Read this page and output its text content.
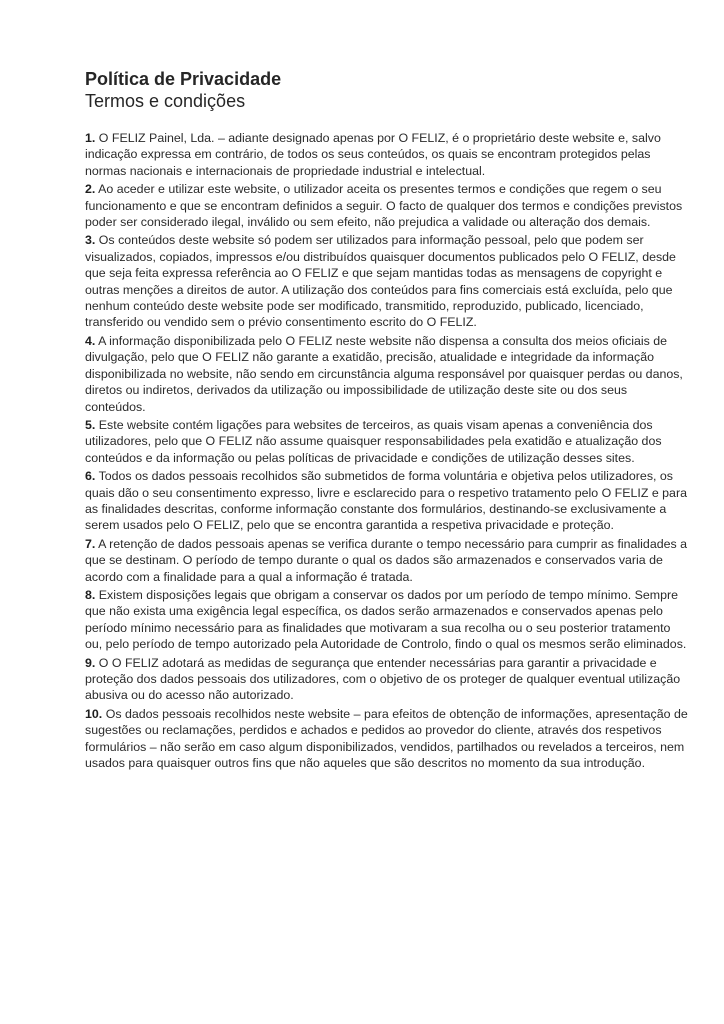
Política de Privacidade
Termos e condições

1. O FELIZ Painel, Lda. – adiante designado apenas por O FELIZ, é o proprietário deste website e, salvo indicação expressa em contrário, de todos os seus conteúdos, os quais se encontram protegidos pelas normas nacionais e internacionais de propriedade industrial e intelectual.

2. Ao aceder e utilizar este website, o utilizador aceita os presentes termos e condições que regem o seu funcionamento e que se encontram definidos a seguir. O facto de qualquer dos termos e condições previstos poder ser considerado ilegal, inválido ou sem efeito, não prejudica a validade ou alteração dos demais.

3. Os conteúdos deste website só podem ser utilizados para informação pessoal, pelo que podem ser visualizados, copiados, impressos e/ou distribuídos quaisquer documentos publicados pelo O FELIZ, desde que seja feita expressa referência ao O FELIZ e que sejam mantidas todas as mensagens de copyright e outras menções a direitos de autor. A utilização dos conteúdos para fins comerciais está excluída, pelo que nenhum conteúdo deste website pode ser modificado, transmitido, reproduzido, publicado, licenciado, transferido ou vendido sem o prévio consentimento escrito do O FELIZ.

4. A informação disponibilizada pelo O FELIZ neste website não dispensa a consulta dos meios oficiais de divulgação, pelo que O FELIZ não garante a exatidão, precisão, atualidade e integridade da informação disponibilizada no website, não sendo em circunstância alguma responsável por quaisquer perdas ou danos, diretos ou indiretos, derivados da utilização ou impossibilidade de utilização deste site ou dos seus conteúdos.

5. Este website contém ligações para websites de terceiros, as quais visam apenas a conveniência dos utilizadores, pelo que O FELIZ não assume quaisquer responsabilidades pela exatidão e atualização dos conteúdos e da informação ou pelas políticas de privacidade e condições de utilização desses sites.

6. Todos os dados pessoais recolhidos são submetidos de forma voluntária e objetiva pelos utilizadores, os quais dão o seu consentimento expresso, livre e esclarecido para o respetivo tratamento pelo O FELIZ e para as finalidades descritas, conforme informação constante dos formulários, destinando-se exclusivamente a serem usados pelo O FELIZ, pelo que se encontra garantida a respetiva privacidade e proteção.

7. A retenção de dados pessoais apenas se verifica durante o tempo necessário para cumprir as finalidades a que se destinam. O período de tempo durante o qual os dados são armazenados e conservados varia de acordo com a finalidade para a qual a informação é tratada.

8. Existem disposições legais que obrigam a conservar os dados por um período de tempo mínimo. Sempre que não exista uma exigência legal específica, os dados serão armazenados e conservados apenas pelo período mínimo necessário para as finalidades que motivaram a sua recolha ou o seu posterior tratamento ou, pelo período de tempo autorizado pela Autoridade de Controlo, findo o qual os mesmos serão eliminados.

9. O O FELIZ adotará as medidas de segurança que entender necessárias para garantir a privacidade e proteção dos dados pessoais dos utilizadores, com o objetivo de os proteger de qualquer eventual utilização abusiva ou do acesso não autorizado.

10. Os dados pessoais recolhidos neste website – para efeitos de obtenção de informações, apresentação de sugestões ou reclamações, perdidos e achados e pedidos ao provedor do cliente, através dos respetivos formulários – não serão em caso algum disponibilizados, vendidos, partilhados ou revelados a terceiros, nem usados para quaisquer outros fins que não aqueles que são descritos no momento da sua introdução.
